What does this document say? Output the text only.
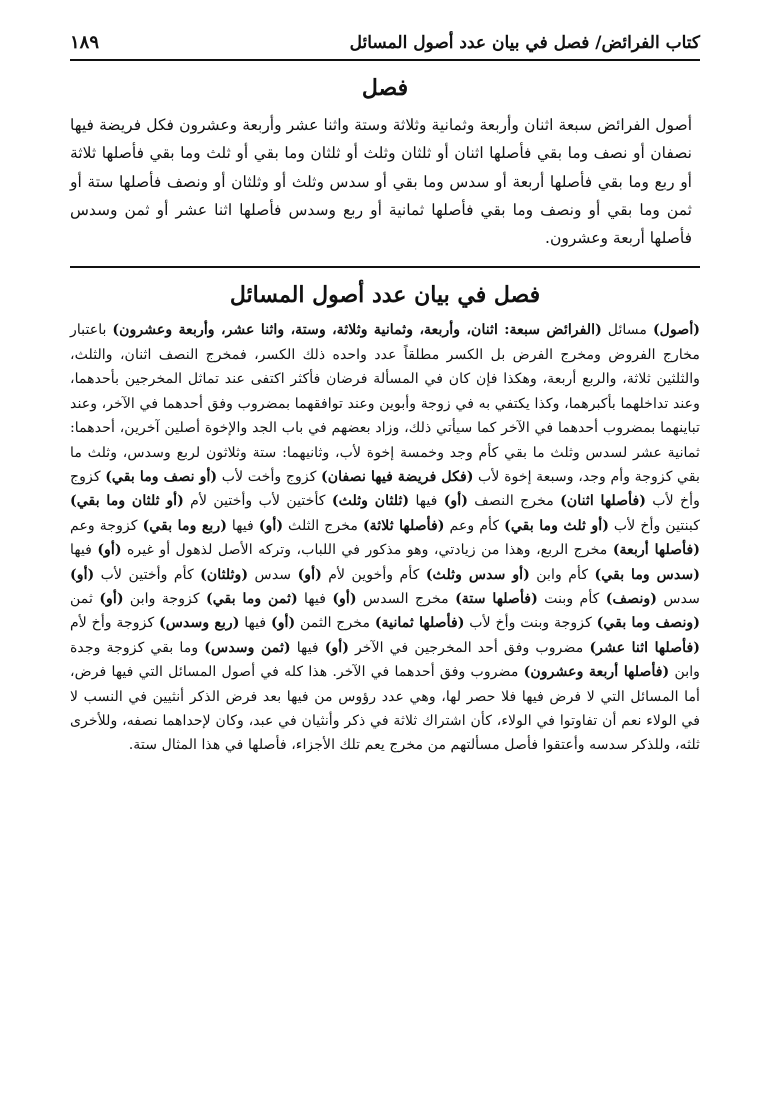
كتاب الفرائض/ فصل في بيان عدد أصول المسائل
١٨٩
فصل

أصول الفرائض سبعة اثنان وأربعة وثمانية وثلاثة وستة واثنا عشر وأربعة وعشرون فكل فريضة فيها نصفان أو نصف وما بقي فأصلها اثنان أو ثلثان وثلث أو ثلثان وما بقي أو ثلث وما بقي فأصلها ثلاثة أو ربع وما بقي فأصلها أربعة أو سدس وما بقي أو سدس وثلث أو وثلثان أو ونصف فأصلها ستة أو ثمن وما بقي أو ونصف وما بقي فأصلها ثمانية أو ربع وسدس فأصلها اثنا عشر أو ثمن وسدس فأصلها أربعة وعشرون.

فصل في بيان عدد أصول المسائل

(أصول) مسائل (الفرائض سبعة: اثنان، وأربعة، وثمانية وثلاثة، وستة، واثنا عشر، وأربعة وعشرون) باعتبار مخارج الفروض ومخرج الفرض بل الكسر مطلقاً عدد واحده ذلك الكسر، فمخرج النصف اثنان، والثلث، والثلثين ثلاثة، والربع أربعة، وهكذا فإن كان في المسألة فرضان فأكثر اكتفى عند تماثل المخرجين بأحدهما، وعند تداخلهما بأكبرهما، وكذا يكتفي به في زوجة وأبوين وعند توافقهما بمضروب وفق أحدهما في الآخر، وعند تباينهما بمضروب أحدهما في الآخر كما سيأتي ذلك، وزاد بعضهم في باب الجد والإخوة أصلين آخرين، أحدهما: ثمانية عشر لسدس وثلث ما بقي كأم وجد وخمسة إخوة لأب، وثانيهما: ستة وثلاثون لربع وسدس، وثلث ما بقي كزوجة وأم وجد، وسبعة إخوة لأب (فكل فريضة فيها نصفان) كزوج وأخت لأب (أو نصف وما بقي) كزوج وأخ لأب (فأصلها اثنان) مخرج النصف (أو) فيها (ثلثان وثلث) كأختين لأب وأختين لأم (أو ثلثان وما بقي) كبنتين وأخ لأب (أو ثلث وما بقي) كأم وعم (فأصلها ثلاثة) مخرج الثلث (أو) فيها (ربع وما بقي) كزوجة وعم (فأصلها أربعة) مخرج الربع، وهذا من زيادتي، وهو مذكور في اللباب، وتركه الأصل لذهول أو غيره (أو) فيها (سدس وما بقي) كأم وابن (أو سدس وثلث) كأم وأخوين لأم (أو) سدس (وثلثان) كأم وأختين لأب (أو) سدس (ونصف) كأم وبنت (فأصلها ستة) مخرج السدس (أو) فيها (ثمن وما بقي) كزوجة وابن (أو) ثمن (ونصف وما بقي) كزوجة وبنت وأخ لأب (فأصلها ثمانية) مخرج الثمن (أو) فيها (ربع وسدس) كزوجة وأخ لأم (فأصلها اثنا عشر) مضروب وفق أحد المخرجين في الآخر (أو) فيها (ثمن وسدس) وما بقي كزوجة وجدة وابن (فأصلها أربعة وعشرون) مضروب وفق أحدهما في الآخر. هذا كله في أصول المسائل التي فيها فرض، أما المسائل التي لا فرض فيها فلا حصر لها، وهي عدد رؤوس من فيها بعد فرض الذكر أنثيين في النسب لا في الولاء نعم أن تفاوتوا في الولاء، كأن اشتراك ثلاثة في ذكر وأنثيان في عبد، وكان لإحداهما نصفه، وللأخرى ثلثه، وللذكر سدسه وأعتقوا فأصل مسألتهم من مخرج يعم تلك الأجزاء، فأصلها في هذا المثال ستة.
